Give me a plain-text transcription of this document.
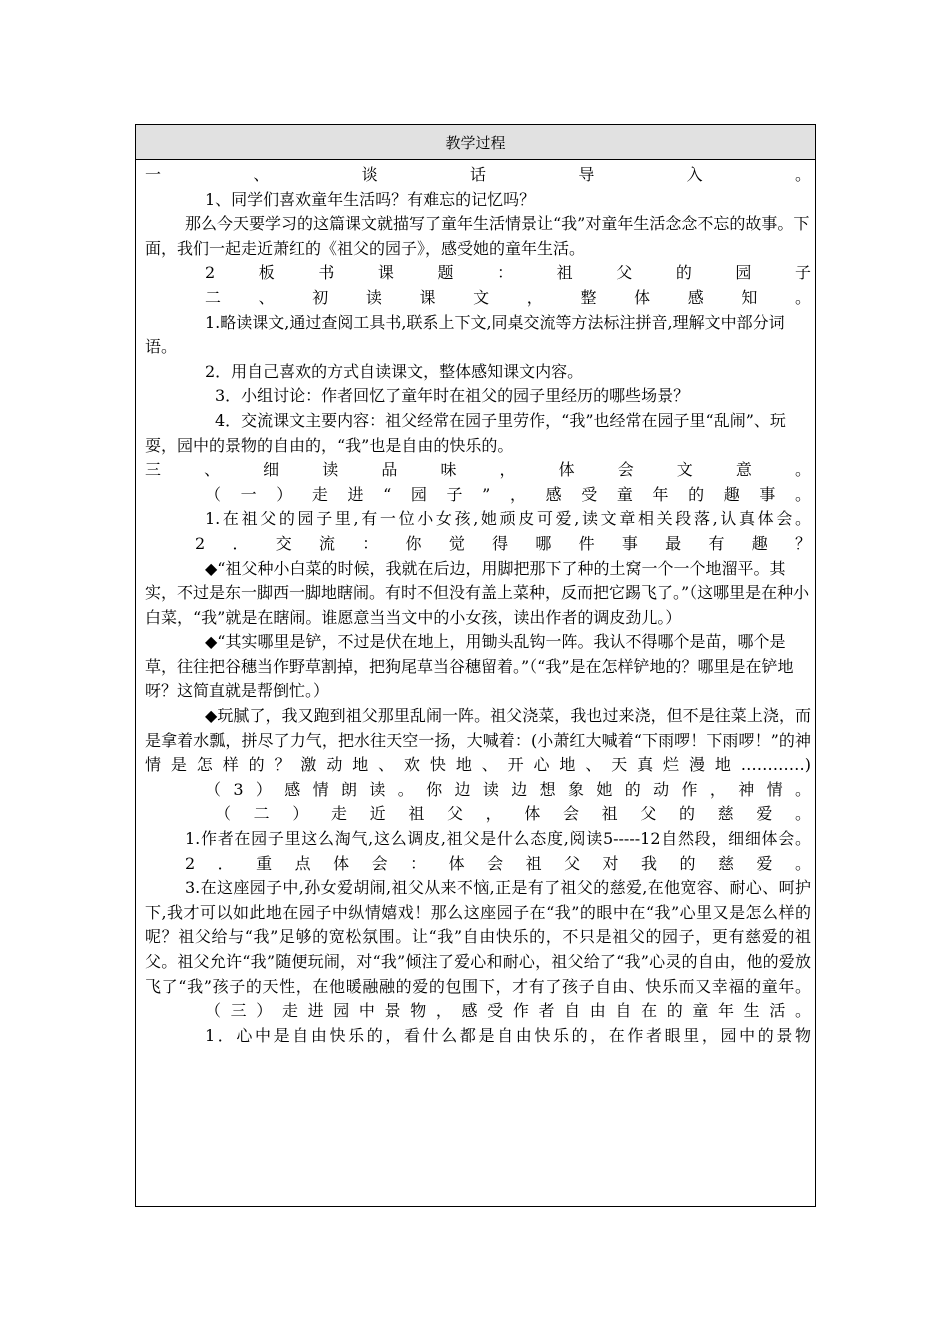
教学过程

一、谈话导入。

1、同学们喜欢童年生活吗？有难忘的记忆吗？

那么今天要学习的这篇课文就描写了童年生活情景让“我”对童年生活念念不忘的故事。下面，我们一起走近萧红的《祖父的园子》，感受她的童年生活。

2板书课题：祖父的园子

二、初读课文，整体感知。

1.略读课文,通过查阅工具书,联系上下文,同桌交流等方法标注拼音,理解文中部分词语。

2．用自己喜欢的方式自读课文，整体感知课文内容。

3．小组讨论：作者回忆了童年时在祖父的园子里经历的哪些场景？

4．交流课文主要内容：祖父经常在园子里劳作，“我”也经常在园子里“乱闹”、玩耍，园中的景物的自由的，“我”也是自由的快乐的。

三、细读品味，体会文意。

（一）走进“园子”，感受童年的趣事。

1.在祖父的园子里,有一位小女孩,她顽皮可爱,读文章相关段落,认真体会。

2．交流：你觉得哪件事最有趣？

◆“祖父种小白菜的时候，我就在后边，用脚把那下了种的土窝一个一个地溜平。其实，不过是东一脚西一脚地瞎闹。有时不但没有盖上菜种，反而把它踢飞了。”（这哪里是在种小白菜，“我”就是在瞎闹。谁愿意当当文中的小女孩，读出作者的调皮劲儿。）

◆“其实哪里是铲，不过是伏在地上，用锄头乱钩一阵。我认不得哪个是苗，哪个是草，往往把谷穗当作野草割掉，把狗尾草当谷穗留着。”（“我”是在怎样铲地的？哪里是在铲地呀？这简直就是帮倒忙。）

◆玩腻了，我又跑到祖父那里乱闹一阵。祖父浇菜，我也过来浇，但不是往菜上浇，而是拿着水瓢，拼尽了力气，把水往天空一扬，大喊着：(小萧红大喊着“下雨啰！下雨啰！”的神情是怎样的？激动地、欢快地、开心地、天真烂漫地…………)

（3）感情朗读。你边读边想象她的动作，神情。

（二）走近祖父，体会祖父的慈爱。

1.作者在园子里这么淘气,这么调皮,祖父是什么态度,阅读5-----12自然段，细细体会。

2．重点体会：体会祖父对我的慈爱。

3.在这座园子中,孙女爱胡闹,祖父从来不恼,正是有了祖父的慈爱,在他宽容、耐心、呵护下,我才可以如此地在园子中纵情嬉戏！那么这座园子在“我”的眼中在“我”心里又是怎么样的呢？祖父给与“我”足够的宽松氛围。让“我”自由快乐的，不只是祖父的园子，更有慈爱的祖父。祖父允许“我”随便玩闹，对“我”倾注了爱心和耐心，祖父给了“我”心灵的自由，他的爱放飞了“我”孩子的天性，在他暖融融的爱的包围下，才有了孩子自由、快乐而又幸福的童年。

（三）走进园中景物，感受作者自由自在的童年生活。

1．心中是自由快乐的，看什么都是自由快乐的，在作者眼里，园中的景物
